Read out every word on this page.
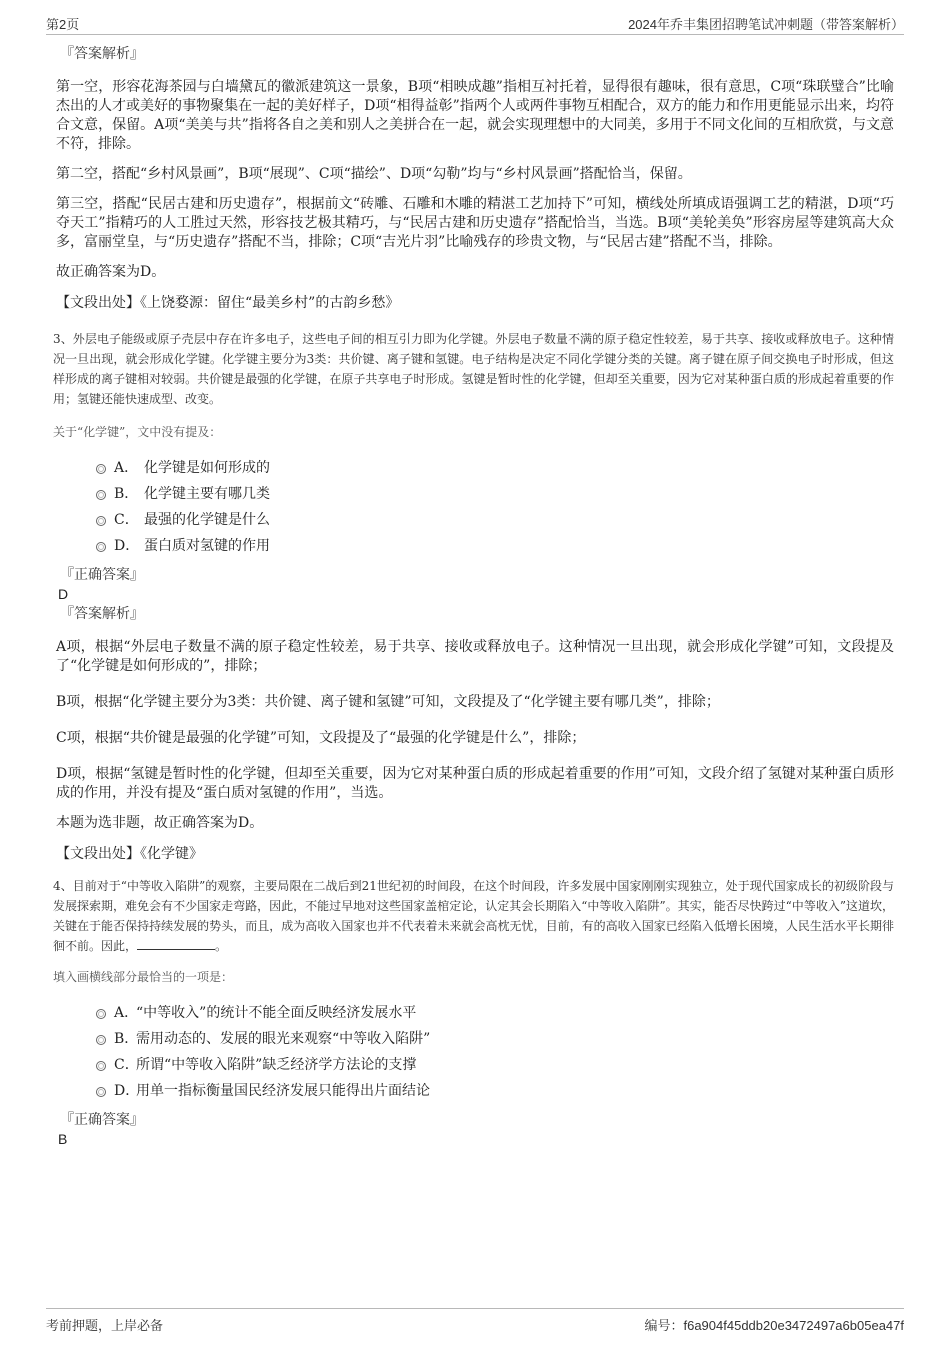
第2页	2024年乔丰集团招聘笔试冲刺题（带答案解析）
『答案解析』

第一空，形容花海茶园与白墙黛瓦的徽派建筑这一景象，B项“相映成趣”指相互衬托着，显得很有趣味，很有意思，C项“珠联璧合”比喻杰出的人才或美好的事物聚集在一起的美好样子，D项“相得益彰”指两个人或两件事物互相配合，双方的能力和作用更能显示出来，均符合文意，保留。A项“美美与共”指将各自之美和别人之美拼合在一起，就会实现理想中的大同美，多用于不同文化间的互相欣赏，与文意不符，排除。

第二空，搭配“乡村风景画”，B项“展现”、C项“描绘”、D项“勾勒”均与“乡村风景画”搭配恰当，保留。

第三空，搭配“民居古建和历史遗存”，根据前文“砖雕、石雕和木雕的精湛工艺加持下”可知，横线处所填成语强调工艺的精湛，D项“巧夺天工”指精巧的人工胜过天然，形容技艺极其精巧，与“民居古建和历史遗存”搭配恰当，当选。B项“美轮美奂”形容房屋等建筑高大众多，富丽堂皇，与“历史遗存”搭配不当，排除；C项“吉光片羽”比喻残存的珍贵文物，与“民居古建”搭配不当，排除。

故正确答案为D。

【文段出处】《上饶婺源：留住“最美乡村”的古韵乡愁》

3、外层电子能级或原子壳层中存在许多电子，这些电子间的相互引力即为化学键。外层电子数量不满的原子稳定性较差，易于共享、接收或释放电子。这种情况一旦出现，就会形成化学键。化学键主要分为3类：共价键、离子键和氢键。电子结构是决定不同化学键分类的关键。离子键在原子间交换电子时形成，但这样形成的离子键相对较弱。共价键是最强的化学键，在原子共享电子时形成。氢键是暂时性的化学键，但却至关重要，因为它对某种蛋白质的形成起着重要的作用；氢键还能快速成型、改变。

关于“化学键”，文中没有提及：

A． 化学键是如何形成的
B． 化学键主要有哪几类
C． 最强的化学键是什么
D． 蛋白质对氢键的作用
『正确答案』
D
『答案解析』

A项，根据“外层电子数量不满的原子稳定性较差，易于共享、接收或释放电子。这种情况一旦出现，就会形成化学键”可知，文段提及了“化学键是如何形成的”，排除；

B项，根据“化学键主要分为3类：共价键、离子键和氢键”可知，文段提及了“化学键主要有哪几类”，排除；

C项，根据“共价键是最强的化学键”可知，文段提及了“最强的化学键是什么”，排除；

D项，根据“氢键是暂时性的化学键，但却至关重要，因为它对某种蛋白质的形成起着重要的作用”可知，文段介绍了氢键对某种蛋白质形成的作用，并没有提及“蛋白质对氢键的作用”，当选。

本题为选非题，故正确答案为D。

【文段出处】《化学键》

4、目前对于“中等收入陷阱”的观察，主要局限在二战后到21世纪初的时间段，在这个时间段，许多发展中国家刚刚实现独立，处于现代国家成长的初级阶段与发展探索期，难免会有不少国家走弯路，因此，不能过早地对这些国家盖棺定论，认定其会长期陷入“中等收入陷阱”。其实，能否尽快跨过“中等收入”这道坎，关键在于能否保持持续发展的势头，而且，成为高收入国家也并不代表着未来就会高枕无忧，目前，有的高收入国家已经陷入低增长困境，人民生活水平长期徘徊不前。因此，	。

填入画横线部分最恰当的一项是：

A．
“中等收入”的统计不能全面反映经济发展水平
B．
需用动态的、发展的眼光来观察“中等收入陷阱”
C．
所谓“中等收入陷阱”缺乏经济学方法论的支撑
D．
用单一指标衡量国民经济发展只能得出片面结论
『正确答案』
B
考前押题，上岸必备	编号：f6a904f45ddb20e3472497a6b05ea47f
